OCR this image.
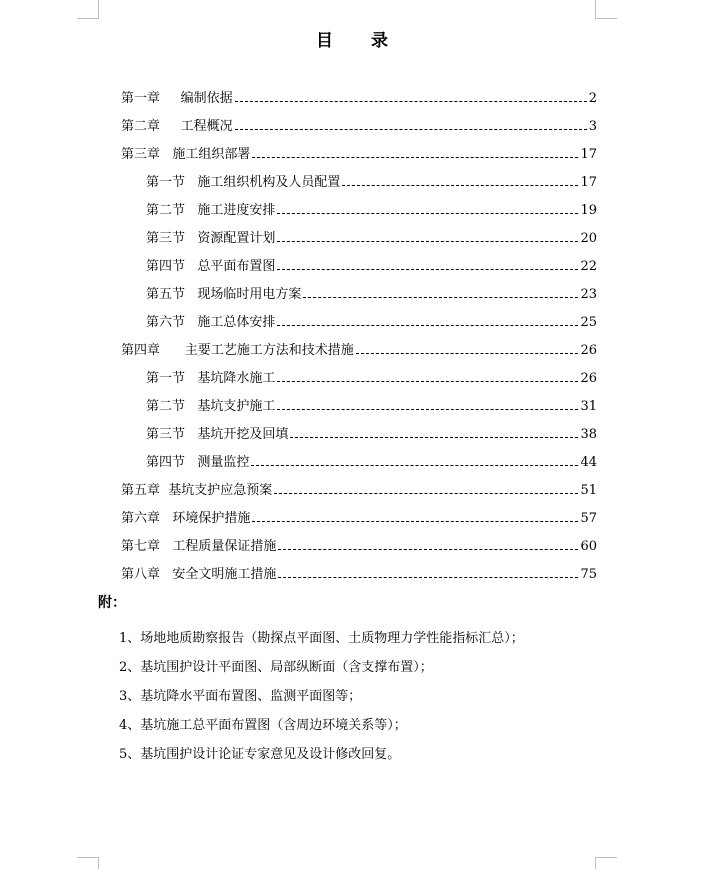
目 录
第一章     编制依据	2
第二章     工程概况	3
第三章   施工组织部署	17
第一节   施工组织机构及人员配置	17
第二节   施工进度安排	19
第三节   资源配置计划	20
第四节   总平面布置图	22
第五节   现场临时用电方案	23
第六节   施工总体安排	25
第四章      主要工艺施工方法和技术措施	26
第一节   基坑降水施工	26
第二节   基坑支护施工	31
第三节   基坑开挖及回填	38
第四节   测量监控	44
第五章  基坑支护应急预案	51
第六章   环境保护措施	57
第七章   工程质量保证措施	60
第八章   安全文明施工措施	75
附：
1、场地地质勘察报告（勘探点平面图、土质物理力学性能指标汇总）；
2、基坑围护设计平面图、局部纵断面（含支撑布置）；
3、基坑降水平面布置图、监测平面图等；
4、基坑施工总平面布置图（含周边环境关系等）；
5、基坑围护设计论证专家意见及设计修改回复。
